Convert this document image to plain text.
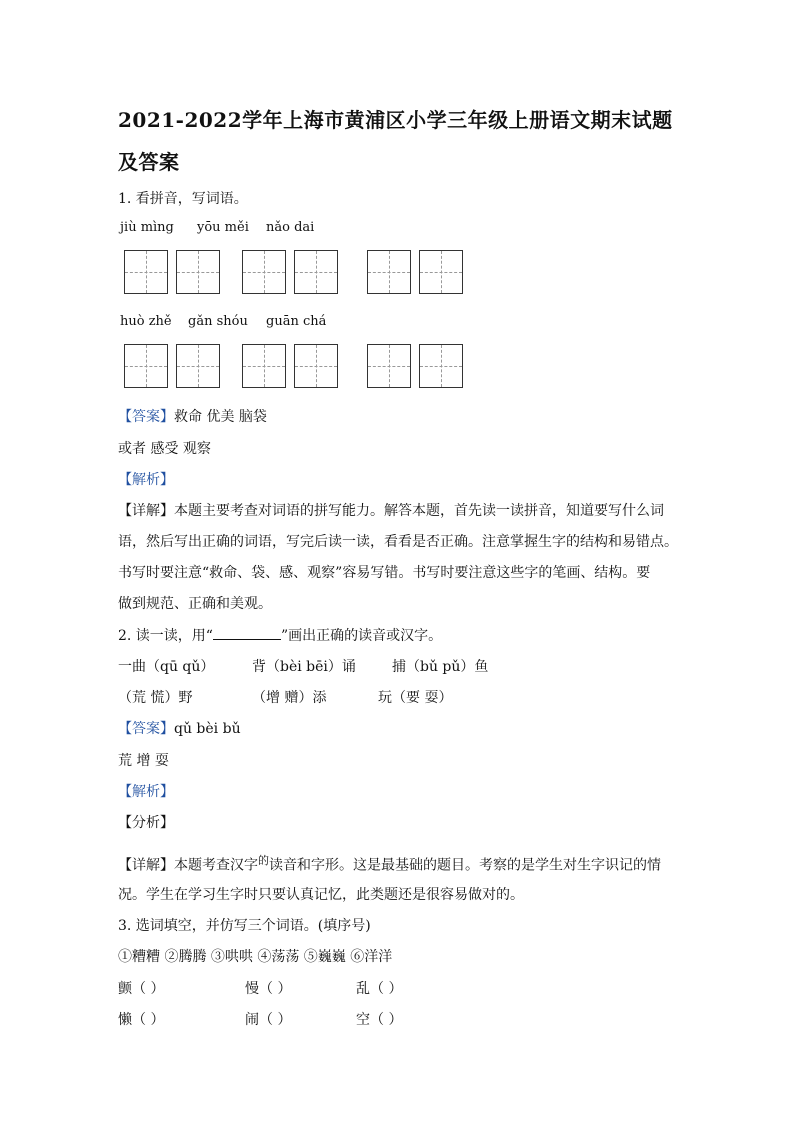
2021-2022学年上海市黄浦区小学三年级上册语文期末试题
及答案
1. 看拼音，写词语。
jiù mìng yōu měi nǎo dai
huò zhě gǎn shóu guān chá
【答案】救命 优美 脑袋
或者 感受 观察
【解析】
【详解】本题主要考查对词语的拼写能力。解答本题，首先读一读拼音，知道要写什么词
语，然后写出正确的词语，写完后读一读，看看是否正确。注意掌握生字的结构和易错点。
书写时要注意“救命、袋、感、观察”容易写错。书写时要注意这些字的笔画、结构。要
做到规范、正确和美观。
2. 读一读，用“	”画出正确的读音或汉字。
一曲（qū qǔ）	背（bèi bēi）诵	捕（bǔ pǔ）鱼
（荒 慌）野	（增 赠）添	玩（要 耍）
【答案】qǔ bèi bǔ
荒 增 耍
【解析】
【分析】
【详解】本题考查汉字$^的$读音和字形。这是最基础的题目。考察的是学生对生字识记的情
况。学生在学习生字时只要认真记忆，此类题还是很容易做对的。
3. 选词填空，并仿写三个词语。(填序号)
①糟糟 ②腾腾 ③哄哄 ④荡荡 ⑤巍巍 ⑥洋洋
颤（ ）	慢（ ）	乱（ ）
懒（ ）	闹（ ）	空（ ）
